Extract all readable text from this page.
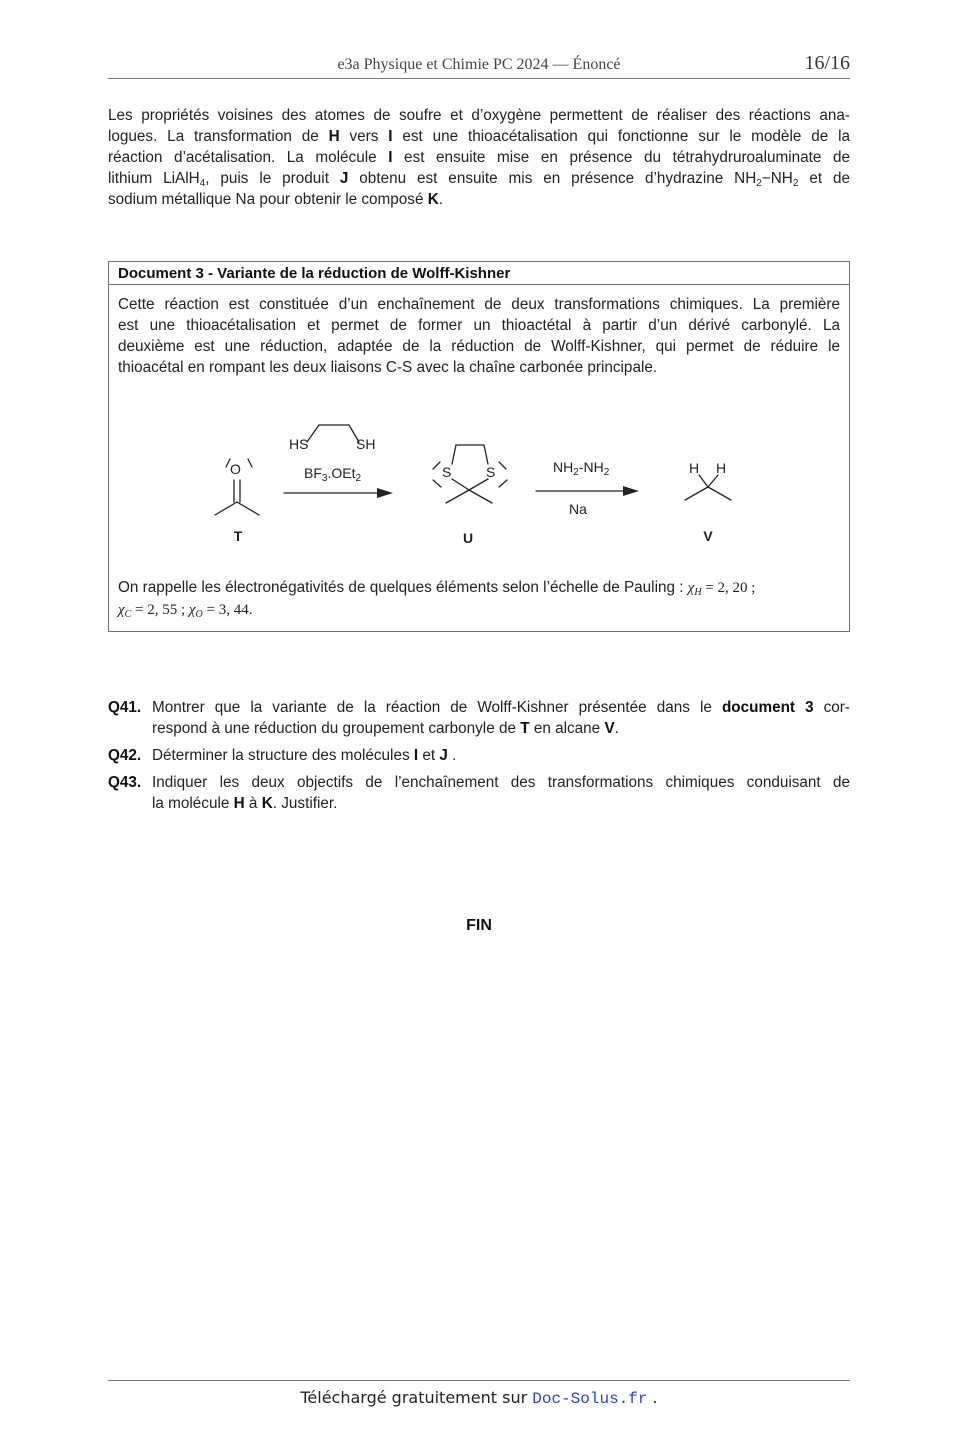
e3a Physique et Chimie PC 2024 — Énoncé	16/16
Les propriétés voisines des atomes de soufre et d’oxygène permettent de réaliser des réactions ana-
logues. La transformation de H vers I est une thioacétalisation qui fonctionne sur le modèle de la
réaction d’acétalisation. La molécule I est ensuite mise en présence du tétrahydruroaluminate de
lithium LiAlH$_4$, puis le produit J obtenu est ensuite mis en présence d’hydrazine $NH_2-NH_2$ et de
sodium métallique Na pour obtenir le composé K.
Document 3 - Variante de la réduction de Wolff-Kishner
Cette réaction est constituée d’un enchaînement de deux transformations chimiques. La première
est une thioacétalisation et permet de former un thioactétal à partir d’un dérivé carbonylé. La
deuxième est une réduction, adaptée de la réduction de Wolff-Kishner, qui permet de réduire le
thioacétal en rompant les deux liaisons C-S avec la chaîne carbonée principale.
O
T
HS	SH
$BF_3.OEt_2$	S S
U
$NH_2-NH_2$
Na
H H
V
On rappelle les électronégativités de quelques éléments selon l’échelle de Pauling : $\chi_H = 2$, 20 ;
$\chi_C = 2$, 55 ; $\chi_O = 3$, 44.
Q41. Montrer que la variante de la réaction de Wolff-Kishner présentée dans le document 3 cor-
respond à une réduction du groupement carbonyle de T en alcane V.
Q42. Déterminer la structure des molécules I et J .
Q43. Indiquer les deux objectifs de l’enchaînement des transformations chimiques conduisant de
la molécule H à K. Justifier.
FIN
Téléchargé gratuitement sur Doc-Solus.fr .
